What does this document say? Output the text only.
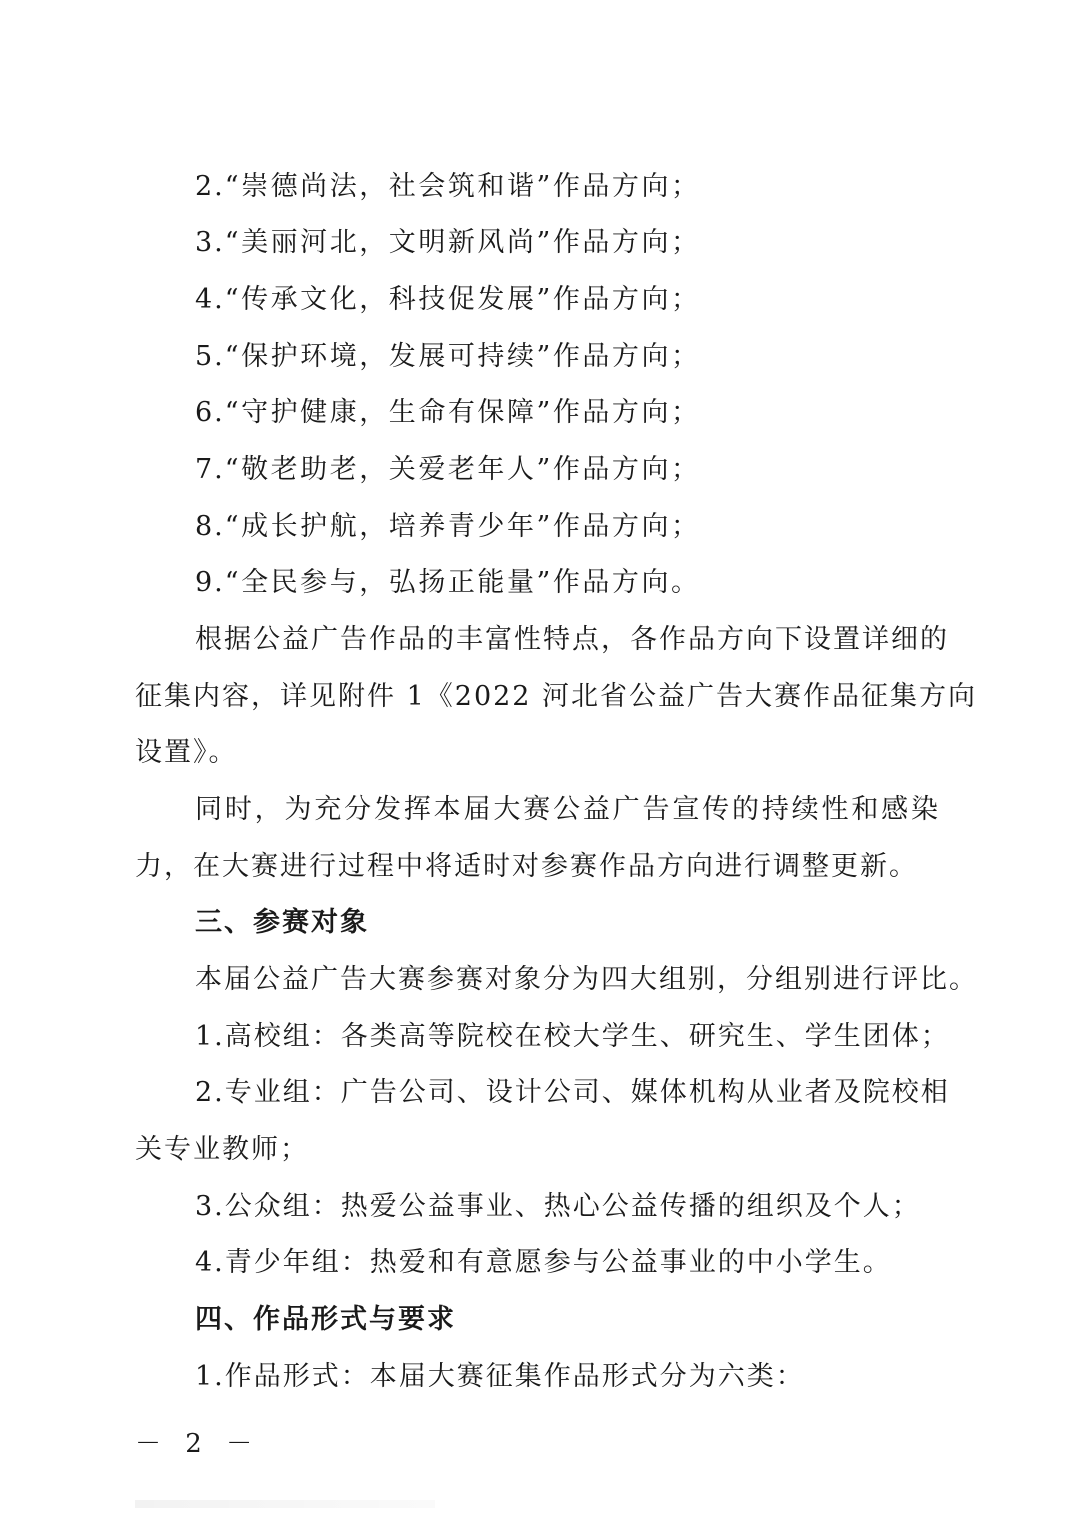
2.“崇德尚法，社会筑和谐”作品方向；
3.“美丽河北，文明新风尚”作品方向；
4.“传承文化，科技促发展”作品方向；
5.“保护环境，发展可持续”作品方向；
6.“守护健康，生命有保障”作品方向；
7.“敬老助老，关爱老年人”作品方向；
8.“成长护航，培养青少年”作品方向；
9.“全民参与，弘扬正能量”作品方向。
根据公益广告作品的丰富性特点，各作品方向下设置详细的
征集内容，详见附件 1《2022 河北省公益广告大赛作品征集方向
设置》。
同时，为充分发挥本届大赛公益广告宣传的持续性和感染
力，在大赛进行过程中将适时对参赛作品方向进行调整更新。
三、参赛对象
本届公益广告大赛参赛对象分为四大组别，分组别进行评比。
1.高校组：各类高等院校在校大学生、研究生、学生团体；
2.专业组：广告公司、设计公司、媒体机构从业者及院校相
关专业教师；
3.公众组：热爱公益事业、热心公益传播的组织及个人；
4.青少年组：热爱和有意愿参与公益事业的中小学生。
四、作品形式与要求
1.作品形式：本届大赛征集作品形式分为六类：
－ 2 －
